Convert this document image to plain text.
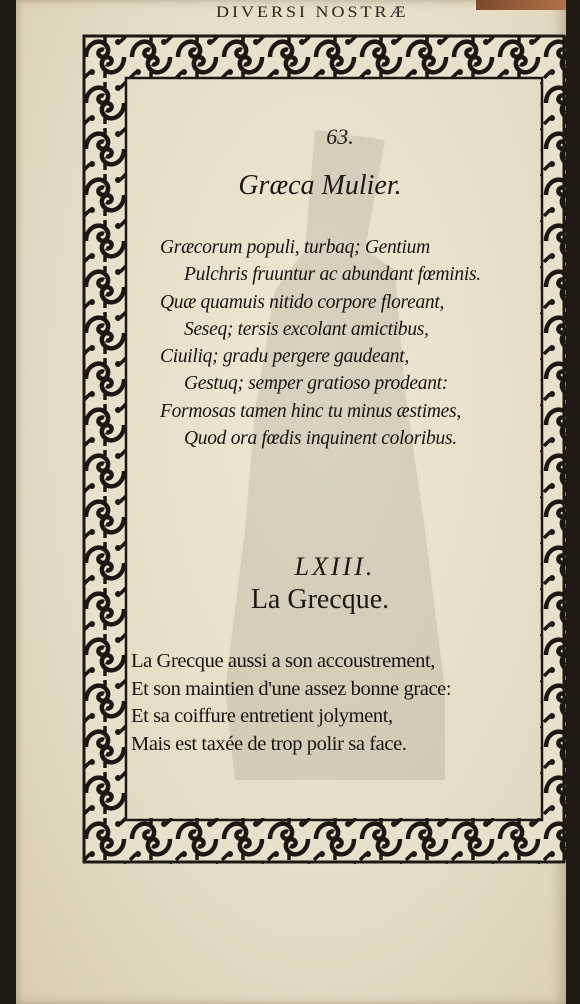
DIVERSI NOSTRÆ
63.
Græca Mulier.
Græcorum populi, turbaq; Gentium
Pulchris fruuntur ac abundant fœminis.
Quæ quamuis nitido corpore floreant,
Seseq; tersis excolant amictibus,
Ciuiliq; gradu pergere gaudeant,
Gestuq; semper gratioso prodeant:
Formosas tamen hinc tu minus æstimes,
Quod ora fœdis inquinent coloribus.
LXIII.
La Grecque.
La Grecque aussi a son accoustrement,
Et son maintien d'une assez bonne grace:
Et sa coiffure entretient jolyment,
Mais est taxée de trop polir sa face.
